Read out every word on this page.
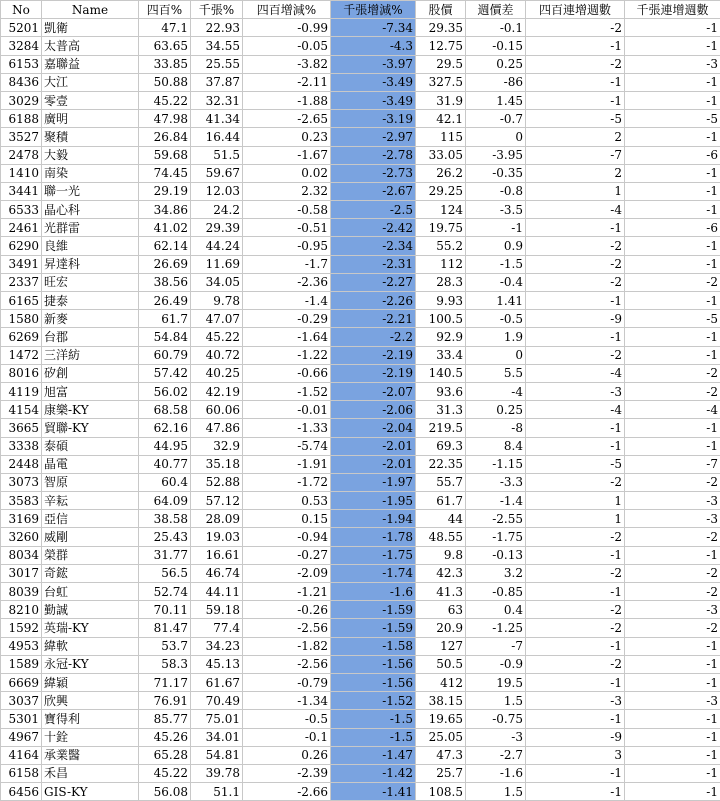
No	Name	四百%	千張%	四百增減%	千張增減%	股價	週價差	四百連增週數	千張連增週數
5201	凱衛	47.1	22.93	-0.99	-7.34	29.35	-0.1	-2	-1
3284	太普高	63.65	34.55	-0.05	-4.3	12.75	-0.15	-1	-1
6153	嘉聯益	33.85	25.55	-3.82	-3.97	29.5	0.25	-2	-3
8436	大江	50.88	37.87	-2.11	-3.49	327.5	-86	-1	-1
3029	零壹	45.22	32.31	-1.88	-3.49	31.9	1.45	-1	-1
6188	廣明	47.98	41.34	-2.65	-3.19	42.1	-0.7	-5	-5
3527	聚積	26.84	16.44	0.23	-2.97	115	0	2	-1
2478	大毅	59.68	51.5	-1.67	-2.78	33.05	-3.95	-7	-6
1410	南染	74.45	59.67	0.02	-2.73	26.2	-0.35	2	-1
3441	聯一光	29.19	12.03	2.32	-2.67	29.25	-0.8	1	-1
6533	晶心科	34.86	24.2	-0.58	-2.5	124	-3.5	-4	-1
2461	光群雷	41.02	29.39	-0.51	-2.42	19.75	-1	-1	-6
6290	良維	62.14	44.24	-0.95	-2.34	55.2	0.9	-2	-1
3491	昇達科	26.69	11.69	-1.7	-2.31	112	-1.5	-2	-1
2337	旺宏	38.56	34.05	-2.36	-2.27	28.3	-0.4	-2	-2
6165	捷泰	26.49	9.78	-1.4	-2.26	9.93	1.41	-1	-1
1580	新麥	61.7	47.07	-0.29	-2.21	100.5	-0.5	-9	-5
6269	台郡	54.84	45.22	-1.64	-2.2	92.9	1.9	-1	-1
1472	三洋紡	60.79	40.72	-1.22	-2.19	33.4	0	-2	-1
8016	矽創	57.42	40.25	-0.66	-2.19	140.5	5.5	-4	-2
4119	旭富	56.02	42.19	-1.52	-2.07	93.6	-4	-3	-2
4154	康樂-KY	68.58	60.06	-0.01	-2.06	31.3	0.25	-4	-4
3665	貿聯-KY	62.16	47.86	-1.33	-2.04	219.5	-8	-1	-1
3338	泰碩	44.95	32.9	-5.74	-2.01	69.3	8.4	-1	-1
2448	晶電	40.77	35.18	-1.91	-2.01	22.35	-1.15	-5	-7
3073	智原	60.4	52.88	-1.72	-1.97	55.7	-3.3	-2	-2
3583	辛耘	64.09	57.12	0.53	-1.95	61.7	-1.4	1	-3
3169	亞信	38.58	28.09	0.15	-1.94	44	-2.55	1	-3
3260	威剛	25.43	19.03	-0.94	-1.78	48.55	-1.75	-2	-2
8034	榮群	31.77	16.61	-0.27	-1.75	9.8	-0.13	-1	-1
3017	奇鋐	56.5	46.74	-2.09	-1.74	42.3	3.2	-2	-2
8039	台虹	52.74	44.11	-1.21	-1.6	41.3	-0.85	-1	-2
8210	勤誠	70.11	59.18	-0.26	-1.59	63	0.4	-2	-3
1592	英瑞-KY	81.47	77.4	-2.56	-1.59	20.9	-1.25	-2	-2
4953	緯軟	53.7	34.23	-1.82	-1.58	127	-7	-1	-1
1589	永冠-KY	58.3	45.13	-2.56	-1.56	50.5	-0.9	-2	-1
6669	緯穎	71.17	61.67	-0.79	-1.56	412	19.5	-1	-1
3037	欣興	76.91	70.49	-1.34	-1.52	38.15	1.5	-3	-3
5301	寶得利	85.77	75.01	-0.5	-1.5	19.65	-0.75	-1	-1
4967	十銓	45.26	34.01	-0.1	-1.5	25.05	-3	-9	-1
4164	承業醫	65.28	54.81	0.26	-1.47	47.3	-2.7	3	-1
6158	禾昌	45.22	39.78	-2.39	-1.42	25.7	-1.6	-1	-1
6456	GIS-KY	56.08	51.1	-2.66	-1.41	108.5	1.5	-1	-1
